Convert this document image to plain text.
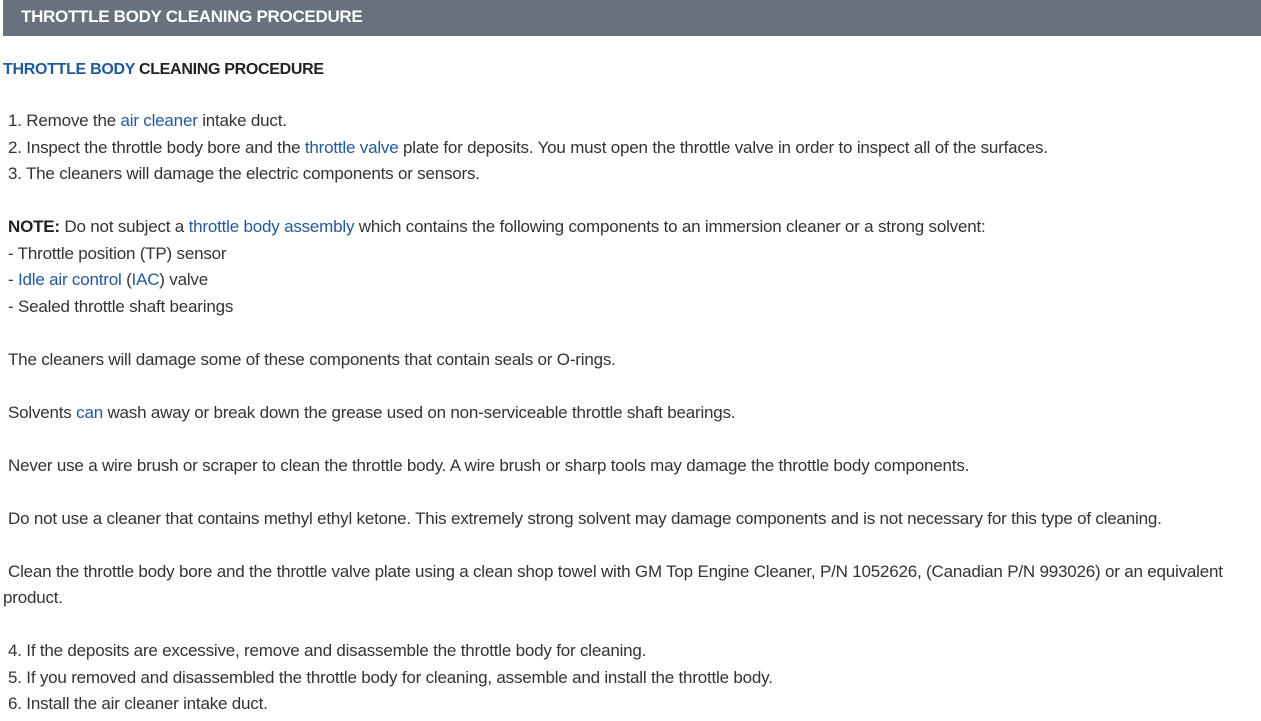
THROTTLE BODY CLEANING PROCEDURE
THROTTLE BODY CLEANING PROCEDURE
1. Remove the air cleaner intake duct.
2. Inspect the throttle body bore and the throttle valve plate for deposits. You must open the throttle valve in order to inspect all of the surfaces.
3. The cleaners will damage the electric components or sensors.
NOTE: Do not subject a throttle body assembly which contains the following components to an immersion cleaner or a strong solvent:
- Throttle position (TP) sensor
- Idle air control (IAC) valve
- Sealed throttle shaft bearings
The cleaners will damage some of these components that contain seals or O-rings.
Solvents can wash away or break down the grease used on non-serviceable throttle shaft bearings.
Never use a wire brush or scraper to clean the throttle body. A wire brush or sharp tools may damage the throttle body components.
Do not use a cleaner that contains methyl ethyl ketone. This extremely strong solvent may damage components and is not necessary for this type of cleaning.
Clean the throttle body bore and the throttle valve plate using a clean shop towel with GM Top Engine Cleaner, P/N 1052626, (Canadian P/N 993026) or an equivalent product.
4. If the deposits are excessive, remove and disassemble the throttle body for cleaning.
5. If you removed and disassembled the throttle body for cleaning, assemble and install the throttle body.
6. Install the air cleaner intake duct.
